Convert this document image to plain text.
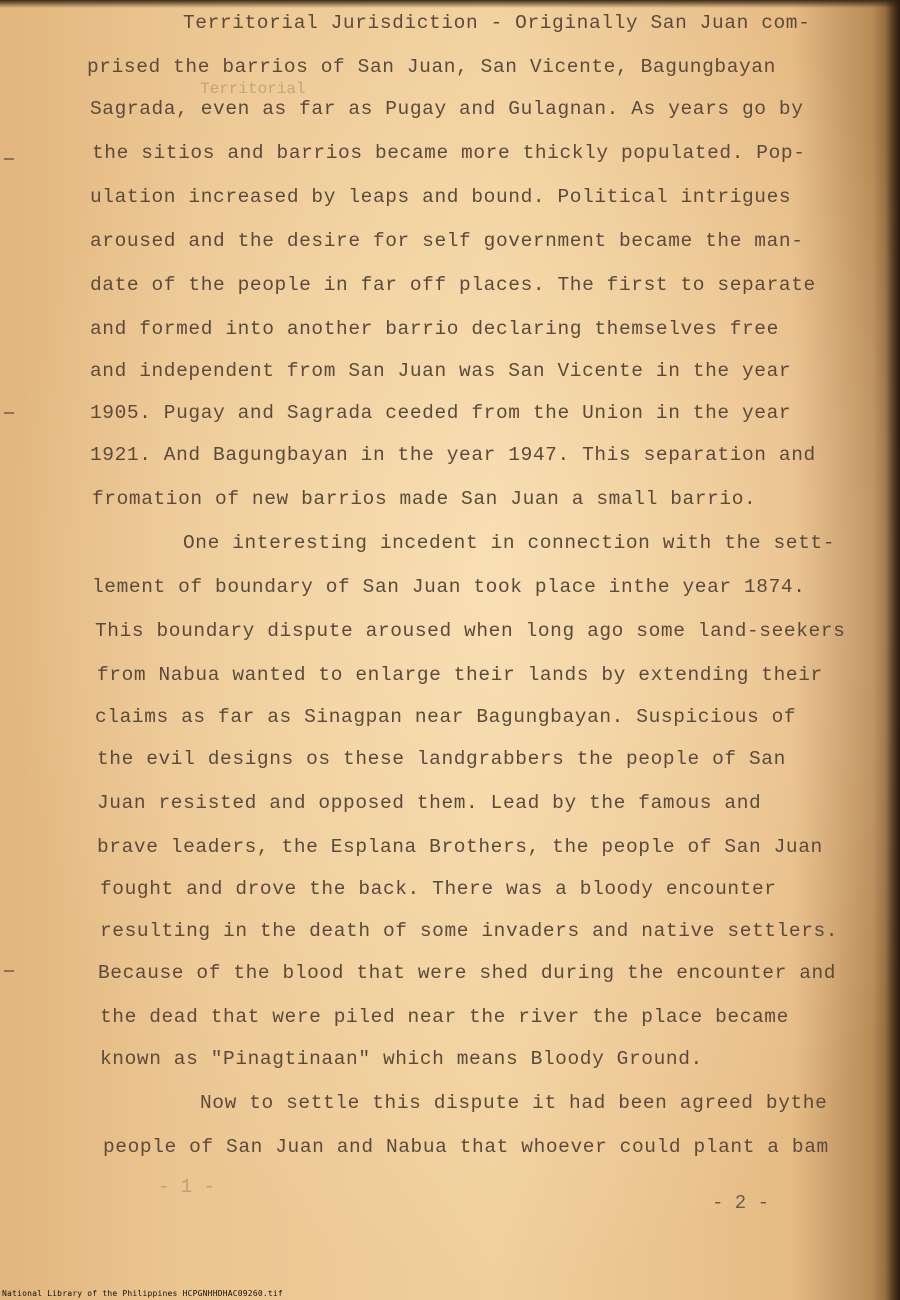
Territorial
Territorial Jurisdiction - Originally San Juan com-
prised the barrios of San Juan, San Vicente, Bagungbayan
Sagrada, even as far as Pugay and Gulagnan. As years go by
the sitios and barrios became more thickly populated. Pop-
ulation increased by leaps and bound. Political intrigues
aroused and the desire for self government became the man-
date of the people in far off places. The first to separate
and formed into another barrio declaring themselves free
and independent from San Juan was San Vicente in the year
1905. Pugay and Sagrada ceeded from the Union in the year
1921. And Bagungbayan in the year 1947. This separation and
fromation of new barrios made San Juan a small barrio.
One interesting incedent in connection with the sett-
lement of boundary of San Juan took place inthe year 1874.
This boundary dispute aroused when long ago some land-seekers
from Nabua wanted to enlarge their lands by extending their
claims as far as Sinagpan near Bagungbayan. Suspicious of
the evil designs os these landgrabbers the people of San
Juan resisted and opposed them. Lead by the famous and
brave leaders, the Esplana Brothers, the people of San Juan
fought and drove the back. There was a bloody encounter
resulting in the death of some invaders and native settlers.
Because of the blood that were shed during the encounter and
the dead that were piled near the river the place became
known as "Pinagtinaan" which means Bloody Ground.
Now to settle this dispute it had been agreed bythe
people of San Juan and Nabua that whoever could plant a bam
- 1 -
- 2 -
National Library of the Philippines HCPGNHHDHAC09260.tif
